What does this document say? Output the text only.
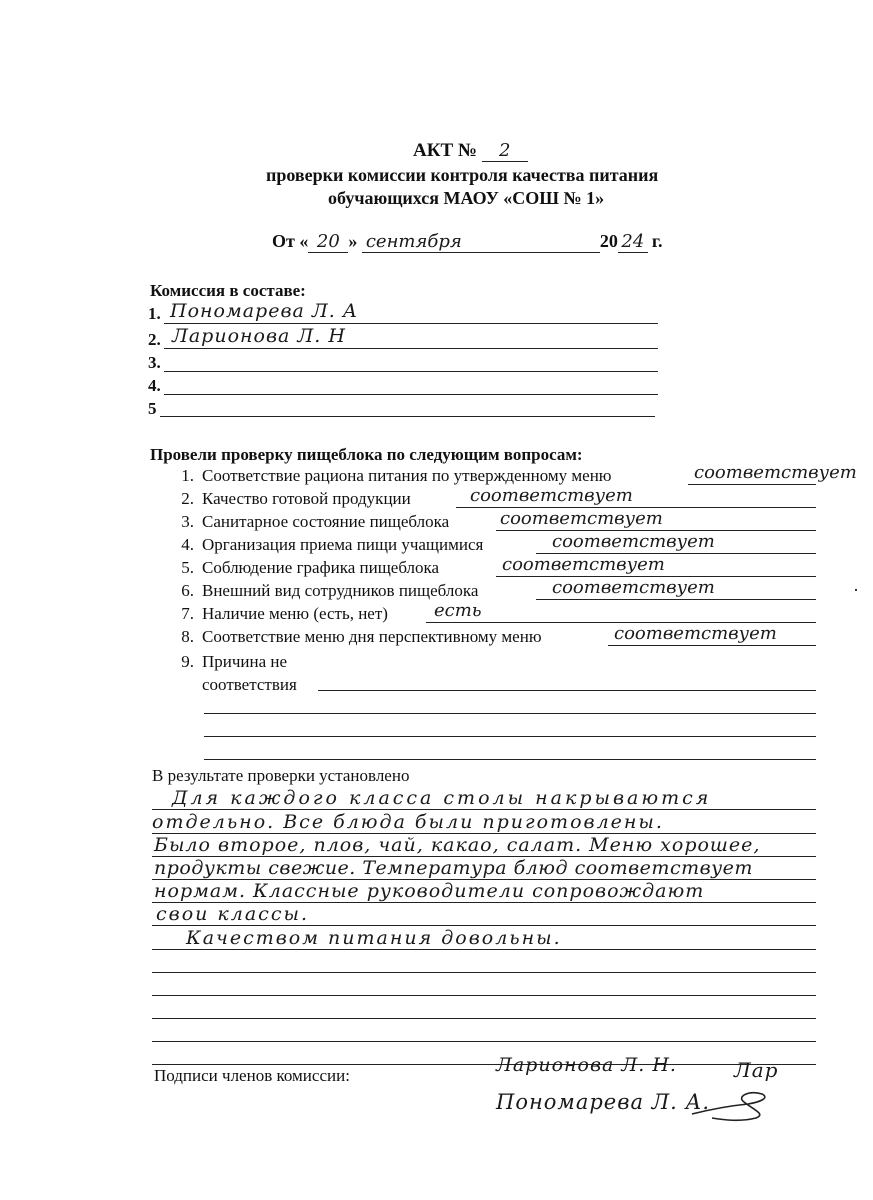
АКТ № 2
проверки комиссии контроля качества питания
обучающихся МАОУ «СОШ № 1»
От « 20 » сентября	20 24 г.
Комиссия в составе:
1. Пономарева Л. А
2. Ларионова Л. Н
3.
4.
5
Провели проверку пищеблока по следующим вопросам:
1. Соответствие рациона питания по утвержденному меню	соответствует
2. Качество готовой продукции	соответствует
3. Санитарное состояние пищеблока	соответствует
4. Организация приема пищи учащимися	соответствует
5. Соблюдение графика пищеблока	соответствует
6. Внешний вид сотрудников пищеблока	соответствует
7. Наличие меню (есть, нет)	есть
8. Соответствие меню дня перспективному меню	соответствует
9. Причина не
соответствия
В результате проверки установлено
Для каждого класса столы накрываются
отдельно. Все блюда были приготовлены.
Было второе, плов, чай, какао, салат. Меню хорошее,
продукты свежие. Температура блюд соответствует
нормам. Классные руководители сопровождают
свои классы.
Качеством питания довольны.
Подписи членов комиссии:	Ларионова Л. Н.	Лар
Пономарева Л. А.
